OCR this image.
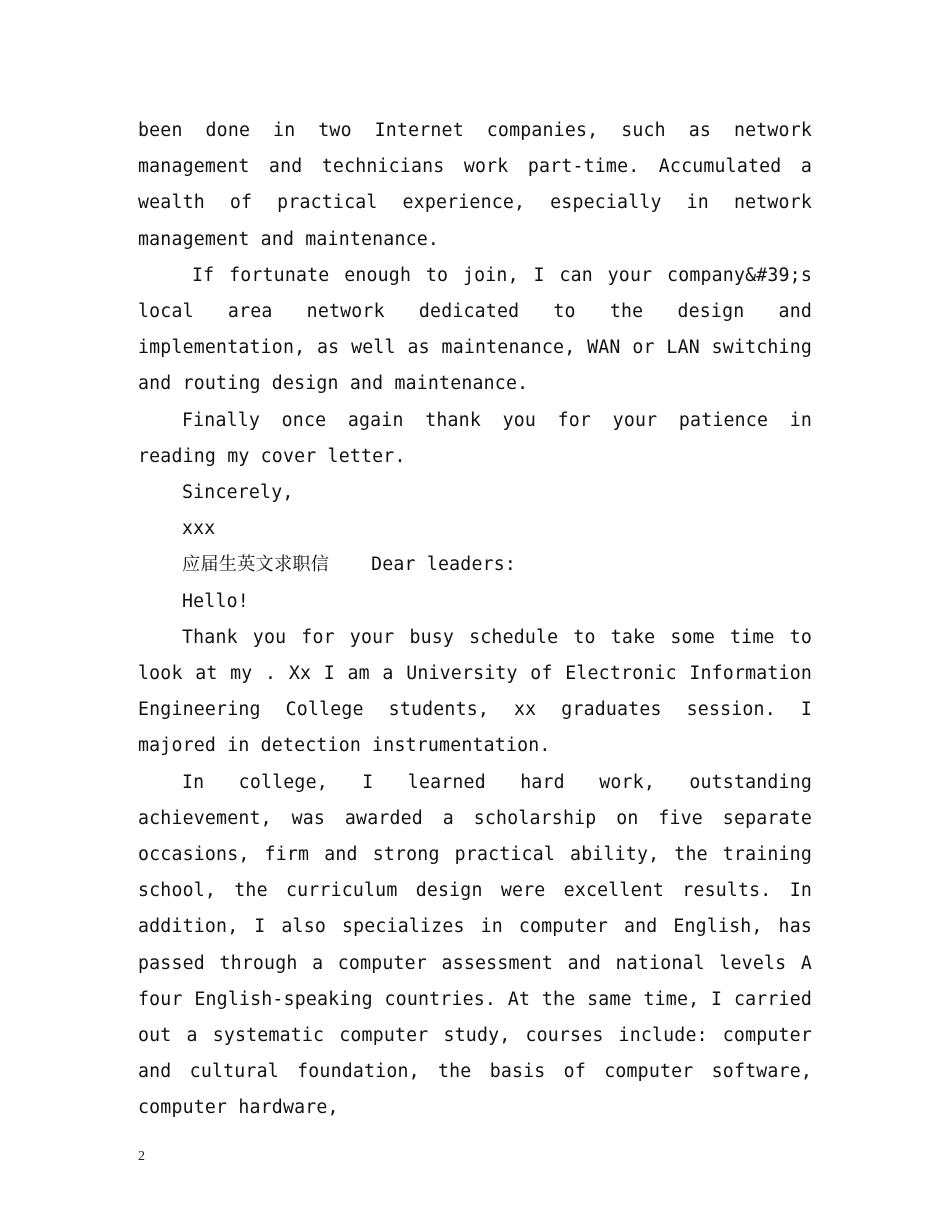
been done in two Internet companies, such as network management and technicians work part-time. Accumulated a wealth of practical experience, especially in network management and maintenance.

If fortunate enough to join, I can your company&#39;s local area network dedicated to the design and implementation, as well as maintenance, WAN or LAN switching and routing design and maintenance.

Finally once again thank you for your patience in reading my cover letter.

Sincerely,

xxx

应届生英文求职信 Dear leaders:

Hello!

Thank you for your busy schedule to take some time to look at my . Xx I am a University of Electronic Information Engineering College students, xx graduates session. I majored in detection instrumentation.

In college, I learned hard work, outstanding achievement, was awarded a scholarship on five separate occasions, firm and strong practical ability, the training school, the curriculum design were excellent results. In addition, I also specializes in computer and English, has passed through a computer assessment and national levels A four English-speaking countries. At the same time, I carried out a systematic computer study, courses include: computer and cultural foundation, the basis of computer software, computer hardware,

2
